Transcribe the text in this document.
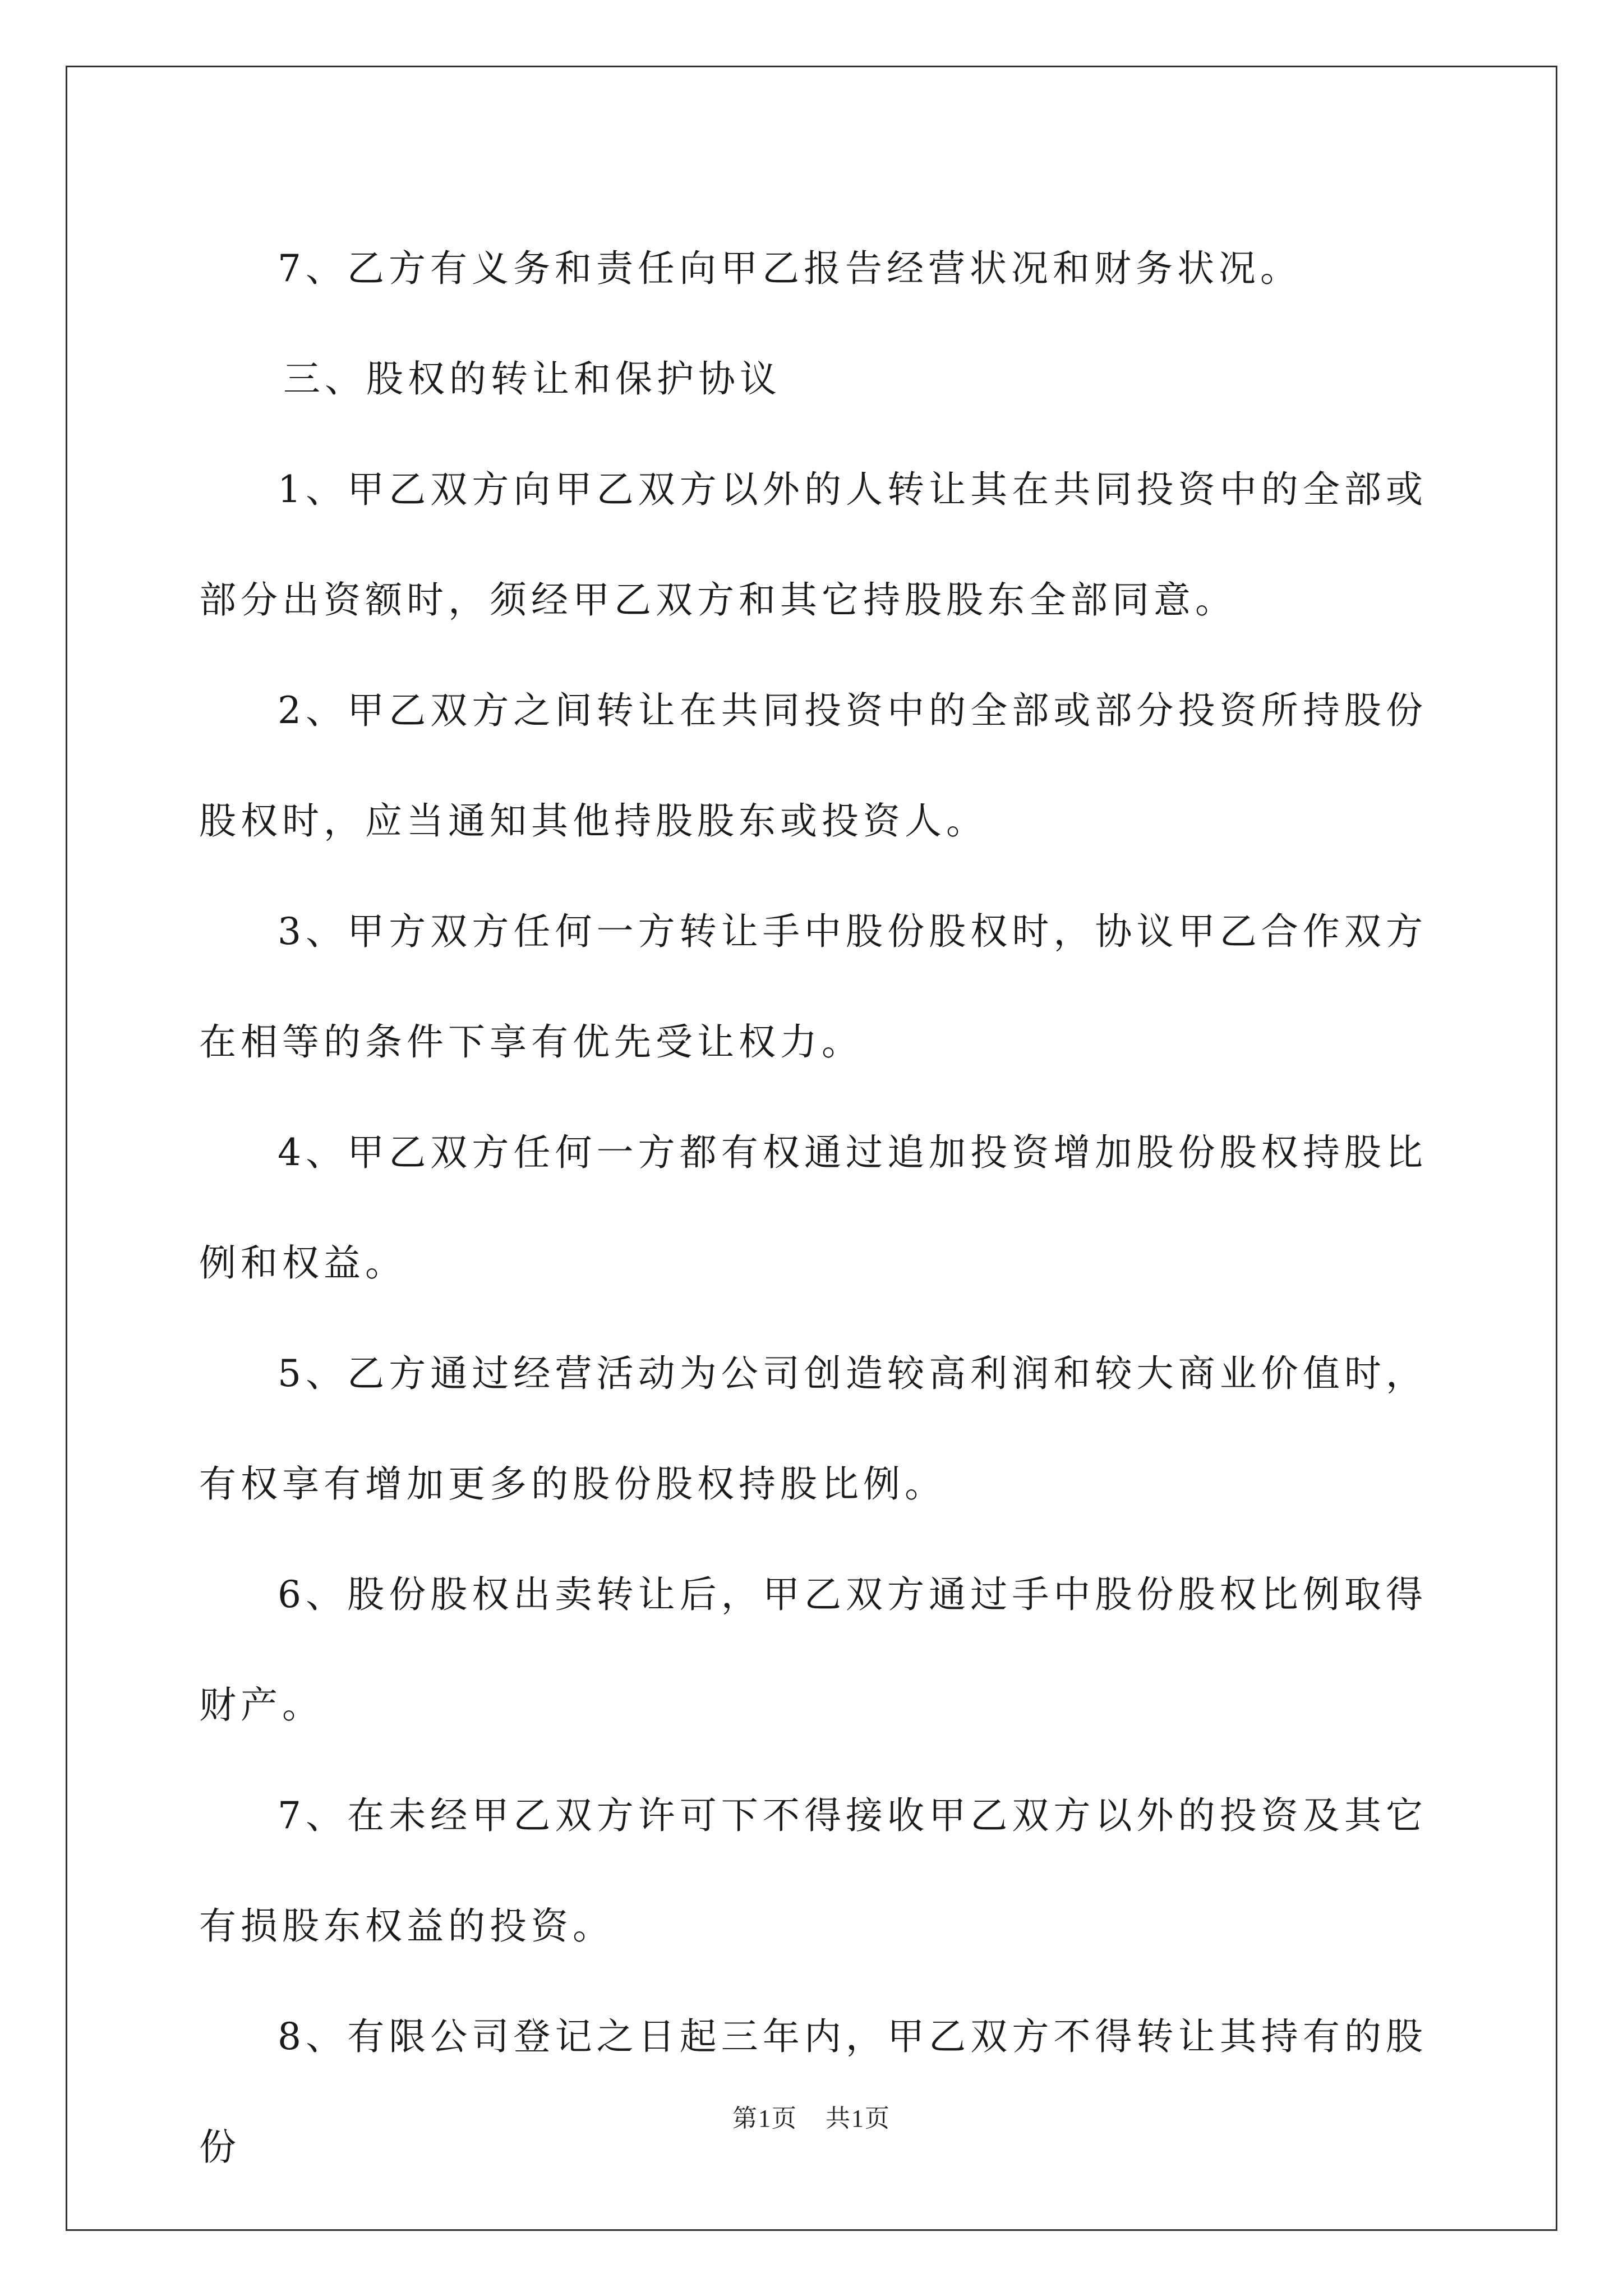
7、乙方有义务和责任向甲乙报告经营状况和财务状况。

三、股权的转让和保护协议

1、甲乙双方向甲乙双方以外的人转让其在共同投资中的全部或部分出资额时，须经甲乙双方和其它持股股东全部同意。

2、甲乙双方之间转让在共同投资中的全部或部分投资所持股份股权时，应当通知其他持股股东或投资人。

3、甲方双方任何一方转让手中股份股权时，协议甲乙合作双方在相等的条件下享有优先受让权力。

4、甲乙双方任何一方都有权通过追加投资增加股份股权持股比例和权益。

5、乙方通过经营活动为公司创造较高利润和较大商业价值时，有权享有增加更多的股份股权持股比例。

6、股份股权出卖转让后，甲乙双方通过手中股份股权比例取得财产。

7、在未经甲乙双方许可下不得接收甲乙双方以外的投资及其它有损股东权益的投资。

8、有限公司登记之日起三年内，甲乙双方不得转让其持有的股份

第1页 共1页
